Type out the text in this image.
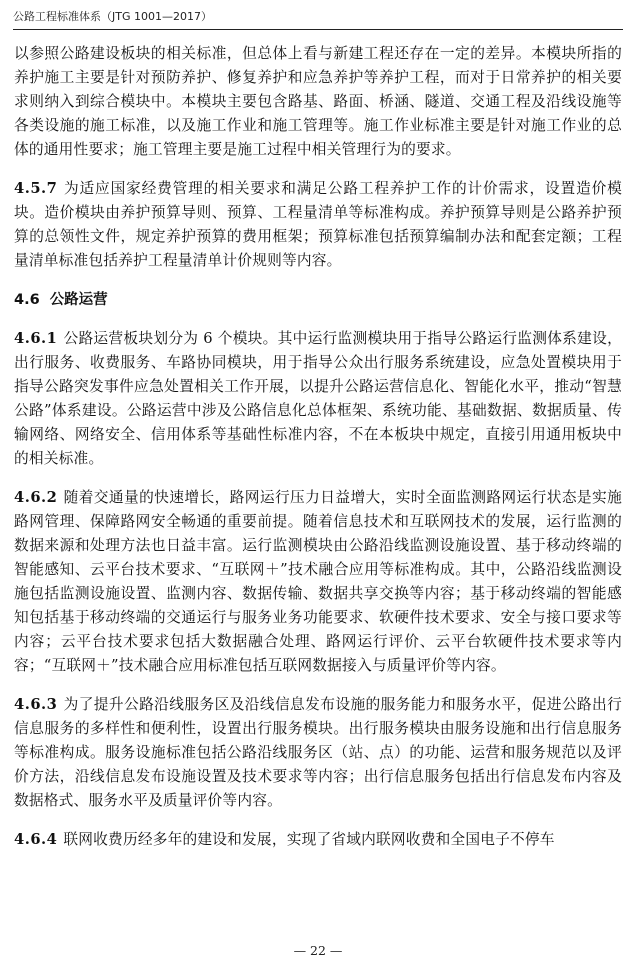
公路工程标准体系（JTG 1001—2017）

以参照公路建设板块的相关标准，但总体上看与新建工程还存在一定的差异。本模块所指的养护施工主要是针对预防养护、修复养护和应急养护等养护工程，而对于日常养护的相关要求则纳入到综合模块中。本模块主要包含路基、路面、桥涵、隧道、交通工程及沿线设施等各类设施的施工标准，以及施工作业和施工管理等。施工作业标准主要是针对施工作业的总体的通用性要求；施工管理主要是施工过程中相关管理行为的要求。

4.5.7 为适应国家经费管理的相关要求和满足公路工程养护工作的计价需求，设置造价模块。造价模块由养护预算导则、预算、工程量清单等标准构成。养护预算导则是公路养护预算的总领性文件，规定养护预算的费用框架；预算标准包括预算编制办法和配套定额；工程量清单标准包括养护工程量清单计价规则等内容。

4.6 公路运营

4.6.1 公路运营板块划分为 6 个模块。其中运行监测模块用于指导公路运行监测体系建设，出行服务、收费服务、车路协同模块，用于指导公众出行服务系统建设，应急处置模块用于指导公路突发事件应急处置相关工作开展，以提升公路运营信息化、智能化水平，推动“智慧公路”体系建设。公路运营中涉及公路信息化总体框架、系统功能、基础数据、数据质量、传输网络、网络安全、信用体系等基础性标准内容，不在本板块中规定，直接引用通用板块中的相关标准。

4.6.2 随着交通量的快速增长，路网运行压力日益增大，实时全面监测路网运行状态是实施路网管理、保障路网安全畅通的重要前提。随着信息技术和互联网技术的发展，运行监测的数据来源和处理方法也日益丰富。运行监测模块由公路沿线监测设施设置、基于移动终端的智能感知、云平台技术要求、“互联网＋”技术融合应用等标准构成。其中，公路沿线监测设施包括监测设施设置、监测内容、数据传输、数据共享交换等内容；基于移动终端的智能感知包括基于移动终端的交通运行与服务业务功能要求、软硬件技术要求、安全与接口要求等内容；云平台技术要求包括大数据融合处理、路网运行评价、云平台软硬件技术要求等内容；“互联网＋”技术融合应用标准包括互联网数据接入与质量评价等内容。

4.6.3 为了提升公路沿线服务区及沿线信息发布设施的服务能力和服务水平，促进公路出行信息服务的多样性和便利性，设置出行服务模块。出行服务模块由服务设施和出行信息服务等标准构成。服务设施标准包括公路沿线服务区（站、点）的功能、运营和服务规范以及评价方法，沿线信息发布设施设置及技术要求等内容；出行信息服务包括出行信息发布内容及数据格式、服务水平及质量评价等内容。

4.6.4 联网收费历经多年的建设和发展，实现了省域内联网收费和全国电子不停车

— 22 —
